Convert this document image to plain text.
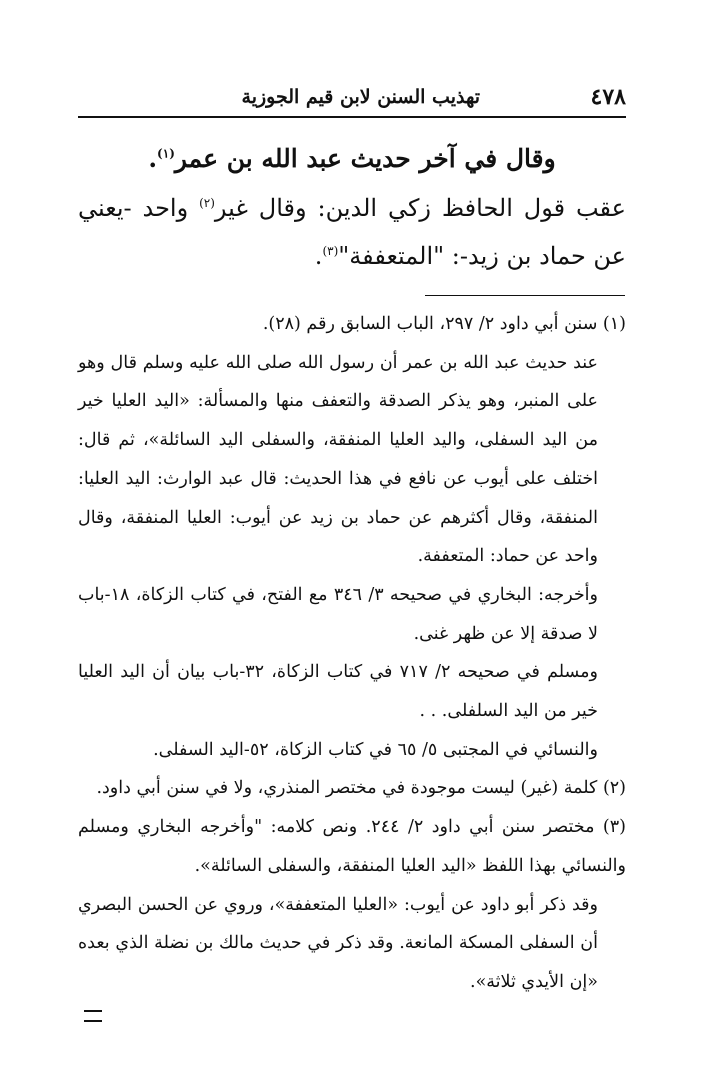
٤٧٨
تهذيب السنن لابن قيم الجوزية
وقال في آخر حديث عبد الله بن عمر$^{(١)}$.
عقب قول الحافظ زكي الدين: وقال غير$^{(٢)}$ واحد -يعني عن حماد بن زيد-: "المتعففة"$^{(٣)}$.

(١) سنن أبي داود ٢/ ٢٩٧، الباب السابق رقم (٢٨).

عند حديث عبد الله بن عمر أن رسول الله صلى الله عليه وسلم قال وهو على المنبر، وهو يذكر الصدقة والتعفف منها والمسألة: «اليد العليا خير من اليد السفلى، واليد العليا المنفقة، والسفلى اليد السائلة»، ثم قال: اختلف على أيوب عن نافع في هذا الحديث: قال عبد الوارث: اليد العليا: المنفقة، وقال أكثرهم عن حماد بن زيد عن أيوب: العليا المنفقة، وقال واحد عن حماد: المتعففة.

وأخرجه: البخاري في صحيحه ٣/ ٣٤٦ مع الفتح، في كتاب الزكاة، ١٨-باب لا صدقة إلا عن ظهر غنى.

ومسلم في صحيحه ٢/ ٧١٧ في كتاب الزكاة، ٣٢-باب بيان أن اليد العليا خير من اليد السلفلى. . .

والنسائي في المجتبى ٥/ ٦٥ في كتاب الزكاة، ٥٢-اليد السفلى.

(٢) كلمة (غير) ليست موجودة في مختصر المنذري، ولا في سنن أبي داود.

(٣) مختصر سنن أبي داود ٢/ ٢٤٤. ونص كلامه: "وأخرجه البخاري ومسلم والنسائي بهذا اللفظ «اليد العليا المنفقة، والسفلى السائلة».

وقد ذكر أبو داود عن أيوب: «العليا المتعففة»، وروي عن الحسن البصري أن السفلى المسكة المانعة. وقد ذكر في حديث مالك بن نضلة الذي بعده «إن الأيدي ثلاثة».
